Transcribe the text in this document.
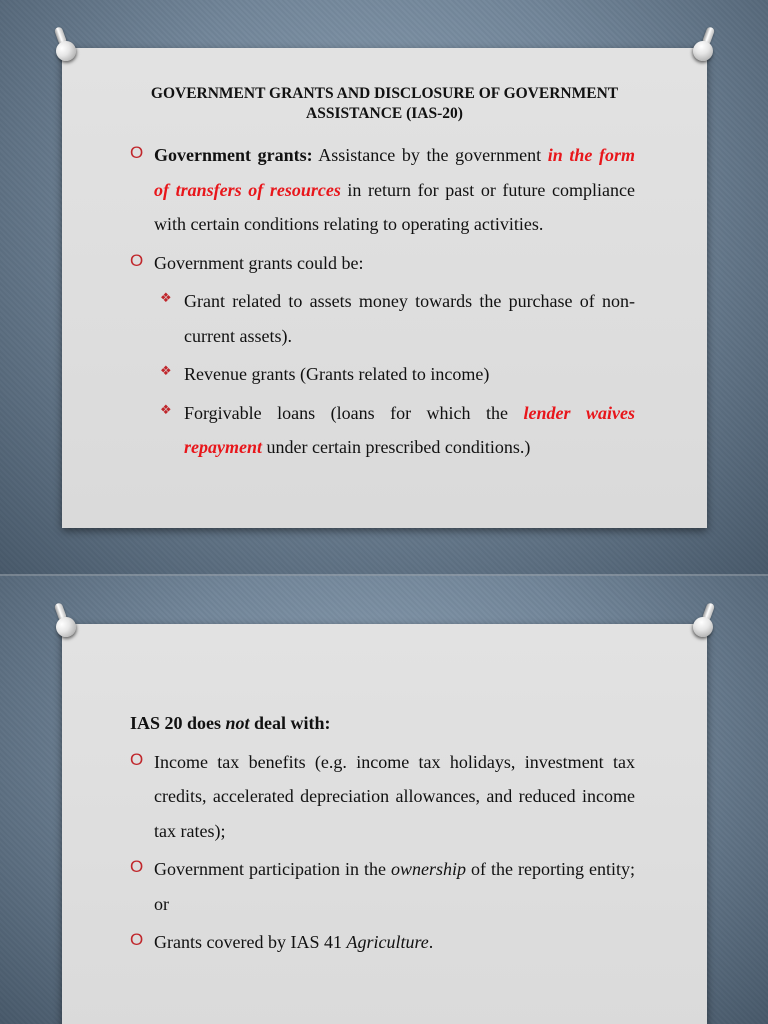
GOVERNMENT GRANTS AND DISCLOSURE OF GOVERNMENT
ASSISTANCE (IAS-20)
O Government grants: Assistance by the government in the form of transfers of resources in return for past or future compliance with certain conditions relating to operating activities.
O Government grants could be:
❖ Grant related to assets money towards the purchase of non-current assets).
❖ Revenue grants (Grants related to income)
❖ Forgivable loans (loans for which the lender waives repayment under certain prescribed conditions.)
IAS 20 does not deal with:
O Income tax benefits (e.g. income tax holidays, investment tax credits, accelerated depreciation allowances, and reduced income tax rates);
O Government participation in the ownership of the reporting entity; or
O Grants covered by IAS 41 Agriculture.
